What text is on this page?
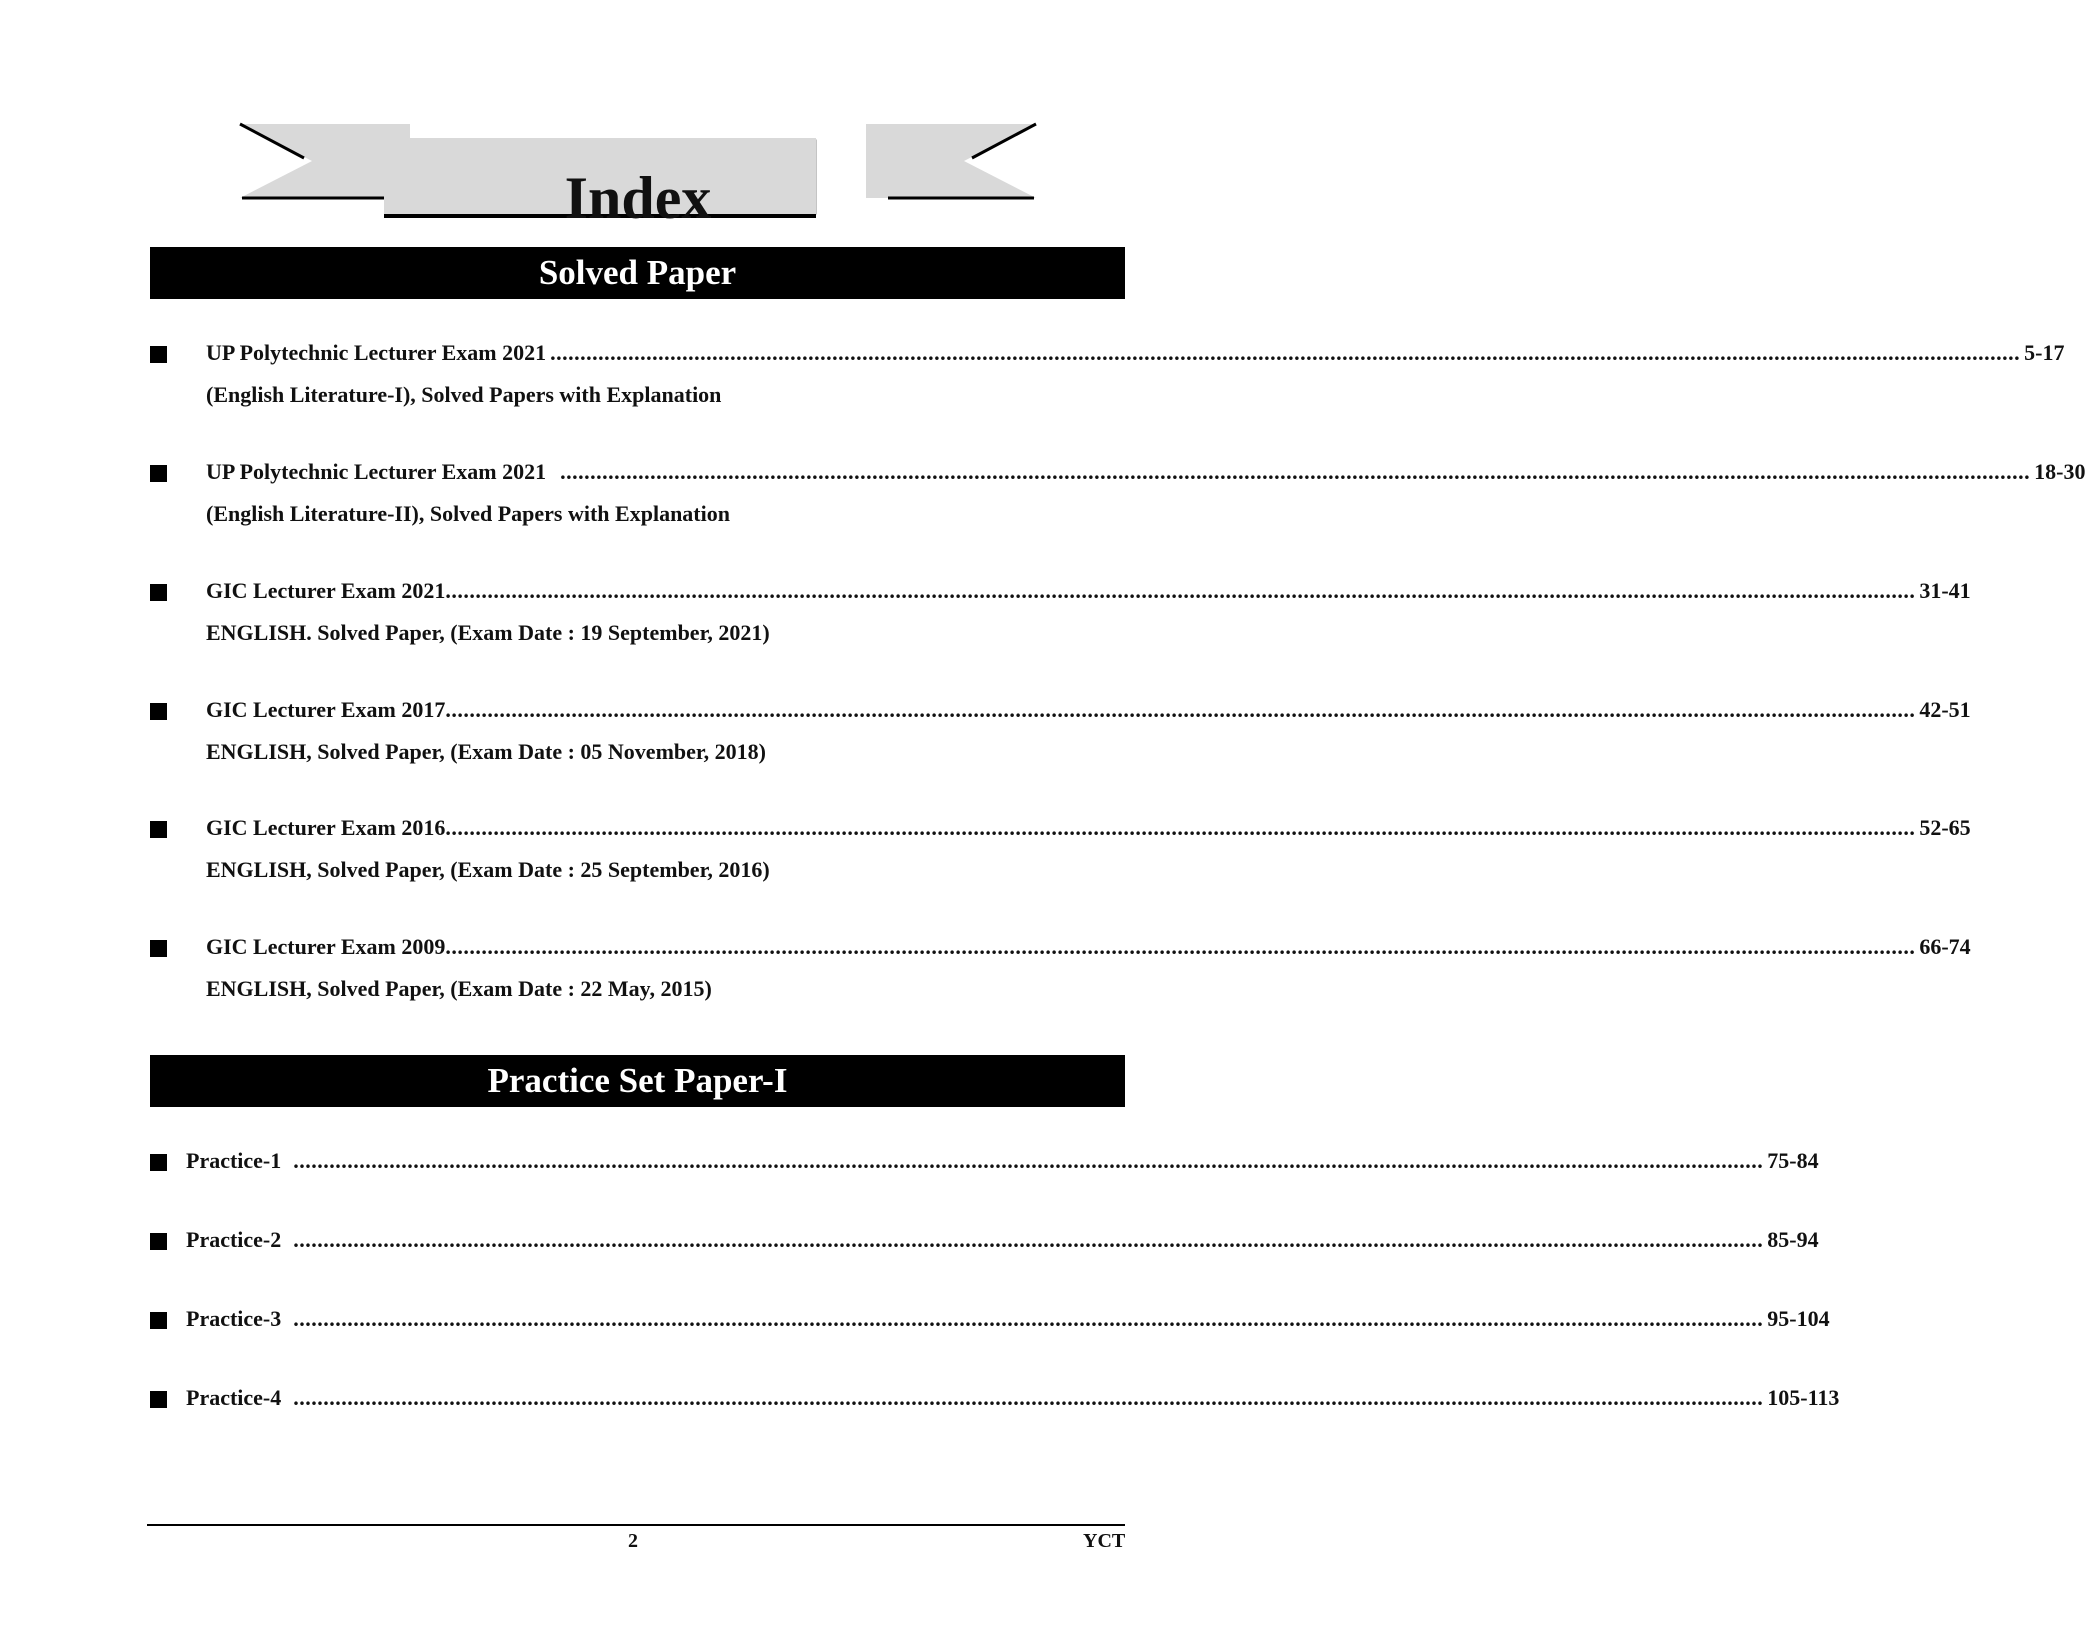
Index
Solved Paper
UP Polytechnic Lecturer Exam 2021 ..................................................................................................................................................................................................................................................... 5-17
(English Literature-I), Solved Papers with Explanation
UP Polytechnic Lecturer Exam 2021 ..................................................................................................................................................................................................................................................... 18-30
(English Literature-II), Solved Papers with Explanation
GIC Lecturer Exam 2021 ..................................................................................................................................................................................................................................................... 31-41
ENGLISH. Solved Paper, (Exam Date : 19 September, 2021)
GIC Lecturer Exam 2017 ..................................................................................................................................................................................................................................................... 42-51
ENGLISH, Solved Paper, (Exam Date : 05 November, 2018)
GIC Lecturer Exam 2016 ..................................................................................................................................................................................................................................................... 52-65
ENGLISH, Solved Paper, (Exam Date : 25 September, 2016)
GIC Lecturer Exam 2009 ..................................................................................................................................................................................................................................................... 66-74
ENGLISH, Solved Paper, (Exam Date : 22 May, 2015)
Practice Set Paper-I
Practice-1 ..................................................................................................................................................................................................................................................... 75-84
Practice-2 ..................................................................................................................................................................................................................................................... 85-94
Practice-3 ..................................................................................................................................................................................................................................................... 95-104
Practice-4 ..................................................................................................................................................................................................................................................... 105-113
2	YCT
